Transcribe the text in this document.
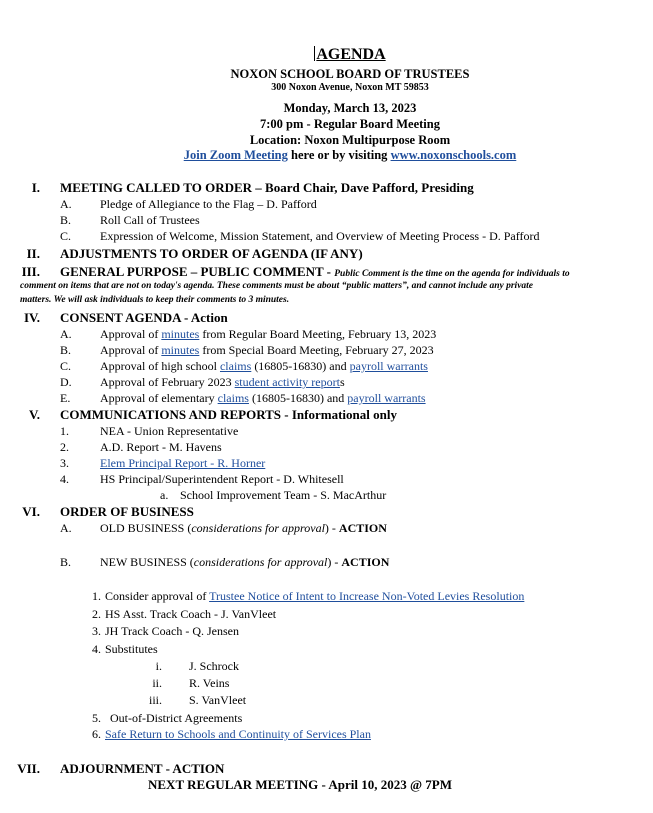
AGENDA
NOXON SCHOOL BOARD OF TRUSTEES
300 Noxon Avenue, Noxon MT 59853
Monday, March 13, 2023
7:00 pm - Regular Board Meeting
Location: Noxon Multipurpose Room
Join Zoom Meeting here or by visiting www.noxonschools.com
I. MEETING CALLED TO ORDER – Board Chair, Dave Pafford, Presiding
A. Pledge of Allegiance to the Flag – D. Pafford
B. Roll Call of Trustees
C. Expression of Welcome, Mission Statement, and Overview of Meeting Process - D. Pafford
II. ADJUSTMENTS TO ORDER OF AGENDA (IF ANY)
III. GENERAL PURPOSE – PUBLIC COMMENT - Public Comment is the time on the agenda for individuals to
comment on items that are not on today's agenda. These comments must be about “public matters”, and cannot include any private
matters. We will ask individuals to keep their comments to 3 minutes.
IV. CONSENT AGENDA - Action
A. Approval of minutes from Regular Board Meeting, February 13, 2023
B. Approval of minutes from Special Board Meeting, February 27, 2023
C. Approval of high school claims (16805-16830) and payroll warrants
D. Approval of February 2023 student activity reports
E. Approval of elementary claims (16805-16830) and payroll warrants
V. COMMUNICATIONS AND REPORTS - Informational only
1.	NEA - Union Representative
2.	A.D. Report - M. Havens
3.	Elem Principal Report - R. Horner
4.	HS Principal/Superintendent Report - D. Whitesell
a. School Improvement Team - S. MacArthur
VI. ORDER OF BUSINESS
A. OLD BUSINESS (considerations for approval) - ACTION
B. NEW BUSINESS (considerations for approval) - ACTION
1. Consider approval of Trustee Notice of Intent to Increase Non-Voted Levies Resolution
2. HS Asst. Track Coach - J. VanVleet
3. JH Track Coach - Q. Jensen
4. Substitutes
i. J. Schrock
ii. R. Veins
iii. S. VanVleet
5. Out-of-District Agreements
6. Safe Return to Schools and Continuity of Services Plan
VII. ADJOURNMENT - ACTION
NEXT REGULAR MEETING - April 10, 2023 @ 7PM
